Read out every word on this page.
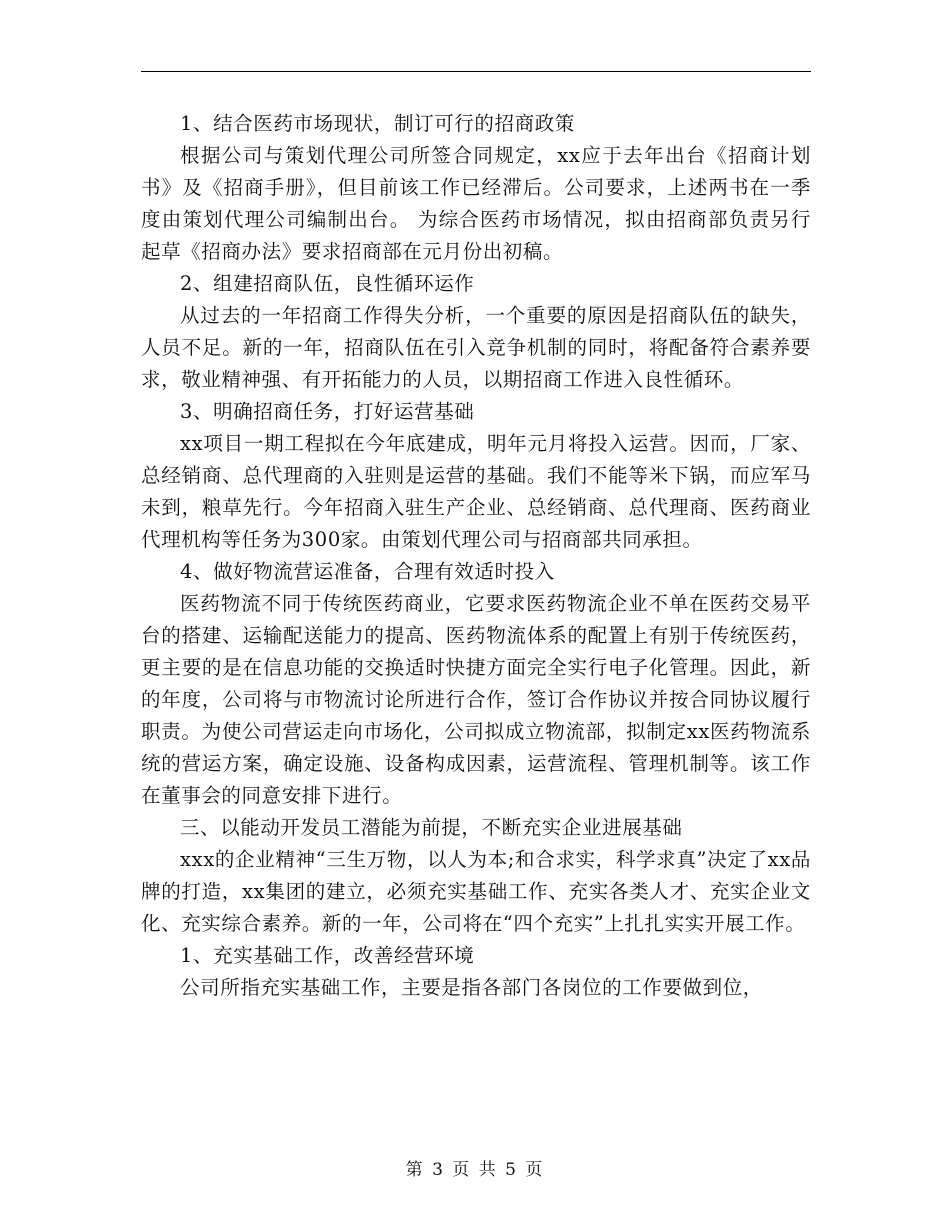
1、结合医药市场现状，制订可行的招商政策

根据公司与策划代理公司所签合同规定，xx应于去年出台《招商计划书》及《招商手册》，但目前该工作已经滞后。公司要求，上述两书在一季度由策划代理公司编制出台。 为综合医药市场情况，拟由招商部负责另行起草《招商办法》要求招商部在元月份出初稿。

2、组建招商队伍，良性循环运作

从过去的一年招商工作得失分析，一个重要的原因是招商队伍的缺失，人员不足。新的一年，招商队伍在引入竞争机制的同时，将配备符合素养要求，敬业精神强、有开拓能力的人员，以期招商工作进入良性循环。

3、明确招商任务，打好运营基础

xx项目一期工程拟在今年底建成，明年元月将投入运营。因而，厂家、总经销商、总代理商的入驻则是运营的基础。我们不能等米下锅，而应军马未到，粮草先行。今年招商入驻生产企业、总经销商、总代理商、医药商业代理机构等任务为300家。由策划代理公司与招商部共同承担。

4、做好物流营运准备，合理有效适时投入

医药物流不同于传统医药商业，它要求医药物流企业不单在医药交易平台的搭建、运输配送能力的提高、医药物流体系的配置上有别于传统医药，更主要的是在信息功能的交换适时快捷方面完全实行电子化管理。因此，新的年度，公司将与市物流讨论所进行合作，签订合作协议并按合同协议履行职责。为使公司营运走向市场化，公司拟成立物流部，拟制定xx医药物流系统的营运方案，确定设施、设备构成因素，运营流程、管理机制等。该工作在董事会的同意安排下进行。

三、以能动开发员工潜能为前提，不断充实企业进展基础

xxx的企业精神“三生万物，以人为本;和合求实，科学求真”决定了xx品牌的打造，xx集团的建立，必须充实基础工作、充实各类人才、充实企业文化、充实综合素养。新的一年，公司将在“四个充实”上扎扎实实开展工作。

1、充实基础工作，改善经营环境

公司所指充实基础工作，主要是指各部门各岗位的工作要做到位，

第 3 页 共 5 页
